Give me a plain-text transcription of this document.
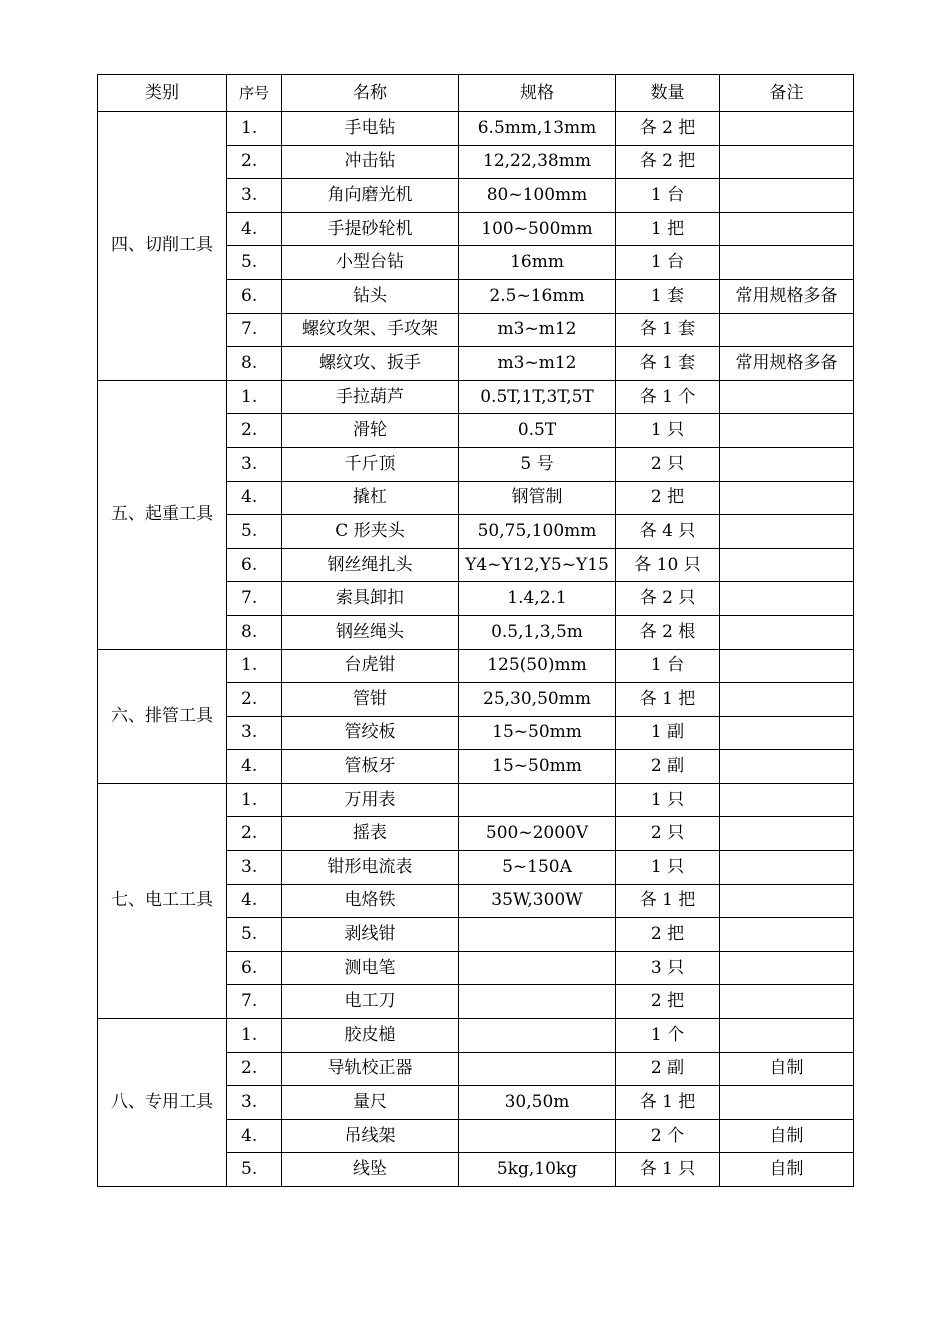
类别	序号	名称	规格	数量	备注
四、切削工具	1.	手电钻	6.5mm,13mm	各 2 把	
	2.	冲击钻	12,22,38mm	各 2 把	
	3.	角向磨光机	80~100mm	1 台	
	4.	手提砂轮机	100~500mm	1 把	
	5.	小型台钻	16mm	1 台	
	6.	钻头	2.5~16mm	1 套	常用规格多备
	7.	螺纹攻架、手攻架	m3~m12	各 1 套	
	8.	螺纹攻、扳手	m3~m12	各 1 套	常用规格多备
五、起重工具	1.	手拉葫芦	0.5T,1T,3T,5T	各 1 个	
	2.	滑轮	0.5T	1 只	
	3.	千斤顶	5 号	2 只	
	4.	撬杠	钢管制	2 把	
	5.	C 形夹头	50,75,100mm	各 4 只	
	6.	钢丝绳扎头	Y4~Y12,Y5~Y15	各 10 只	
	7.	索具卸扣	1.4,2.1	各 2 只	
	8.	钢丝绳头	0.5,1,3,5m	各 2 根	
六、排管工具	1.	台虎钳	125(50)mm	1 台	
	2.	管钳	25,30,50mm	各 1 把	
	3.	管绞板	15~50mm	1 副	
	4.	管板牙	15~50mm	2 副	
七、电工工具	1.	万用表		1 只	
	2.	摇表	500~2000V	2 只	
	3.	钳形电流表	5~150A	1 只	
	4.	电烙铁	35W,300W	各 1 把	
	5.	剥线钳		2 把	
	6.	测电笔		3 只	
	7.	电工刀		2 把	
八、专用工具	1.	胶皮槌		1 个	
	2.	导轨校正器		2 副	自制
	3.	量尺	30,50m	各 1 把	
	4.	吊线架		2 个	自制
	5.	线坠	5kg,10kg	各 1 只	自制
